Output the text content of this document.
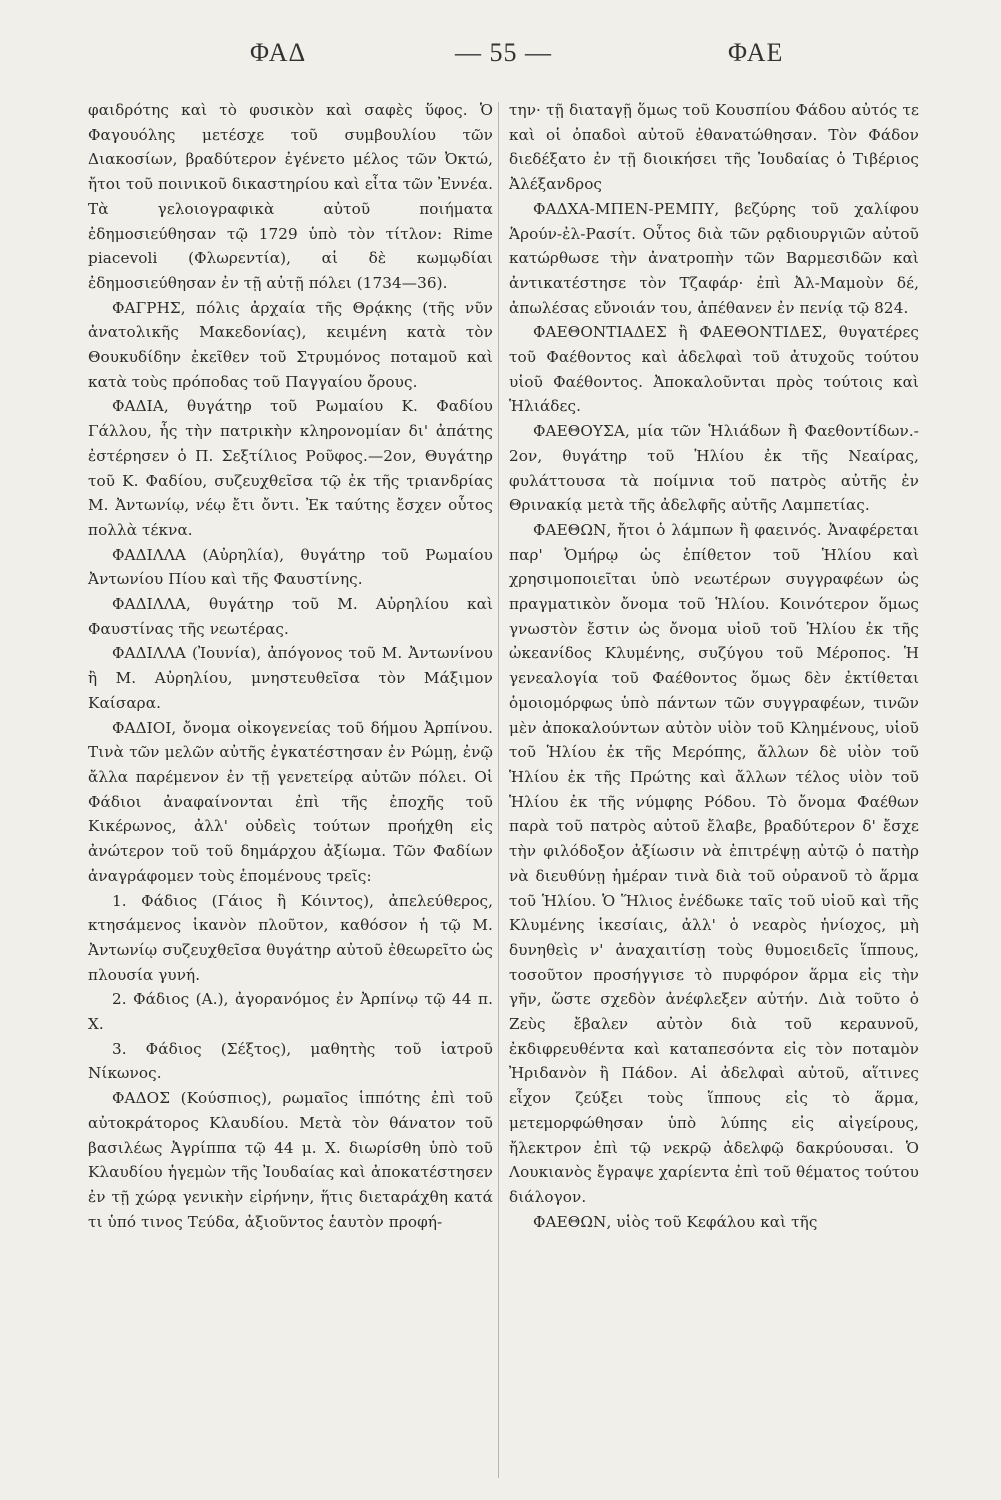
ΦΑΔ	— 55 —	ΦΑΕ

φαιδρότης καὶ τὸ φυσικὸν καὶ σαφὲς ὕφος. Ὁ Φαγουόλης μετέσχε τοῦ συμβουλίου τῶν Διακοσίων, βραδύτερον ἐγένετο μέλος τῶν Ὀκτώ, ἤτοι τοῦ ποινικοῦ δικαστηρίου καὶ εἶτα τῶν Ἐννέα. Τὰ γελοιογραφικὰ αὐτοῦ ποιήματα ἐδημοσιεύθησαν τῷ 1729 ὑπὸ τὸν τίτλον: Rime piacevoli (Φλωρεντία), αἱ δὲ κωμῳδίαι ἐδημοσιεύθησαν ἐν τῇ αὐτῇ πόλει (1734—36).

ΦΑΓΡΗΣ, πόλις ἀρχαία τῆς Θρᾴκης (τῆς νῦν ἀνατολικῆς Μακεδονίας), κειμένη κατὰ τὸν Θουκυδίδην ἐκεῖθεν τοῦ Στρυμόνος ποταμοῦ καὶ κατὰ τοὺς πρόποδας τοῦ Παγγαίου ὄρους.

ΦΑΔΙΑ, θυγάτηρ τοῦ Ρωμαίου Κ. Φαδίου Γάλλου, ἧς τὴν πατρικὴν κληρονομίαν δι' ἀπάτης ἐστέρησεν ὁ Π. Σεξτίλιος Ροῦφος.—2ον, Θυγάτηρ τοῦ Κ. Φαδίου, συζευχθεῖσα τῷ ἐκ τῆς τριανδρίας Μ. Ἀντωνίῳ, νέῳ ἔτι ὄντι. Ἐκ ταύτης ἔσχεν οὗτος πολλὰ τέκνα.

ΦΑΔΙΛΛΑ (Αὐρηλία), θυγάτηρ τοῦ Ρωμαίου Ἀντωνίου Πίου καὶ τῆς Φαυστίνης.

ΦΑΔΙΛΛΑ, θυγάτηρ τοῦ Μ. Αὐρηλίου καὶ Φαυστίνας τῆς νεωτέρας.

ΦΑΔΙΛΛΑ (Ἰουνία), ἀπόγονος τοῦ Μ. Ἀντωνίνου ἢ Μ. Αὐρηλίου, μνηστευθεῖσα τὸν Μάξιμον Καίσαρα.

ΦΑΔΙΟΙ, ὄνομα οἰκογενείας τοῦ δήμου Ἀρπίνου. Τινὰ τῶν μελῶν αὐτῆς ἐγκατέστησαν ἐν Ρώμῃ, ἐνῷ ἄλλα παρέμενον ἐν τῇ γενετείρᾳ αὐτῶν πόλει. Οἱ Φάδιοι ἀναφαίνονται ἐπὶ τῆς ἐποχῆς τοῦ Κικέρωνος, ἀλλ' οὐδεὶς τούτων προήχθη εἰς ἀνώτερον τοῦ τοῦ δημάρχου ἀξίωμα. Τῶν Φαδίων ἀναγράφομεν τοὺς ἑπομένους τρεῖς:

1. Φάδιος (Γάιος ἢ Κόιντος), ἀπελεύθερος, κτησάμενος ἱκανὸν πλοῦτον, καθόσον ἡ τῷ Μ. Ἀντωνίῳ συζευχθεῖσα θυγάτηρ αὐτοῦ ἐθεωρεῖτο ὡς πλουσία γυνή.

2. Φάδιος (Α.), ἀγορανόμος ἐν Ἀρπίνῳ τῷ 44 π. Χ.

3. Φάδιος (Σέξτος), μαθητὴς τοῦ ἰατροῦ Νίκωνος.

ΦΑΔΟΣ (Κούσπιος), ρωμαῖος ἱππότης ἐπὶ τοῦ αὐτοκράτορος Κλαυδίου. Μετὰ τὸν θάνατον τοῦ βασιλέως Ἀγρίππα τῷ 44 μ. Χ. διωρίσθη ὑπὸ τοῦ Κλαυδίου ἡγεμὼν τῆς Ἰουδαίας καὶ ἀποκατέστησεν ἐν τῇ χώρᾳ γενικὴν εἰρήνην, ἥτις διεταράχθη κατά τι ὑπό τινος Τεύδα, ἀξιοῦντος ἑαυτὸν προφή-

την· τῇ διαταγῇ ὅμως τοῦ Κουσπίου Φάδου αὐτός τε καὶ οἱ ὀπαδοὶ αὐτοῦ ἐθανατώθησαν. Τὸν Φάδον διεδέξατο ἐν τῇ διοικήσει τῆς Ἰουδαίας ὁ Τιβέριος Ἀλέξανδρος

ΦΑΔΧΑ-ΜΠΕΝ-ΡΕΜΠΥ, βεζύρης τοῦ χαλίφου Ἁρούν-ἐλ-Ρασίτ. Οὗτος διὰ τῶν ρᾳδιουργιῶν αὐτοῦ κατώρθωσε τὴν ἀνατροπὴν τῶν Βαρμεσιδῶν καὶ ἀντικατέστησε τὸν Τζαφάρ· ἐπὶ Ἀλ-Μαμοὺν δέ, ἀπωλέσας εὔνοιάν του, ἀπέθανεν ἐν πενίᾳ τῷ 824.

ΦΑΕΘΟΝΤΙΑΔΕΣ ἢ ΦΑΕΘΟΝΤΙΔΕΣ, θυγατέρες τοῦ Φαέθοντος καὶ ἀδελφαὶ τοῦ ἀτυχοῦς τούτου υἱοῦ Φαέθοντος. Ἀποκαλοῦνται πρὸς τούτοις καὶ Ἡλιάδες.

ΦΑΕΘΟΥΣΑ, μία τῶν Ἡλιάδων ἢ Φαεθοντίδων.- 2ον, θυγάτηρ τοῦ Ἡλίου ἐκ τῆς Νεαίρας, φυλάττουσα τὰ ποίμνια τοῦ πατρὸς αὐτῆς ἐν Θρινακίᾳ μετὰ τῆς ἀδελφῆς αὐτῆς Λαμπετίας.

ΦΑΕΘΩΝ, ἤτοι ὁ λάμπων ἢ φαεινός. Ἀναφέρεται παρ' Ὁμήρῳ ὡς ἐπίθετον τοῦ Ἡλίου καὶ χρησιμοποιεῖται ὑπὸ νεωτέρων συγγραφέων ὡς πραγματικὸν ὄνομα τοῦ Ἡλίου. Κοινότερον ὅμως γνωστὸν ἔστιν ὡς ὄνομα υἱοῦ τοῦ Ἡλίου ἐκ τῆς ὠκεανίδος Κλυμένης, συζύγου τοῦ Μέροπος. Ἡ γενεαλογία τοῦ Φαέθοντος ὅμως δὲν ἐκτίθεται ὁμοιομόρφως ὑπὸ πάντων τῶν συγγραφέων, τινῶν μὲν ἀποκαλούντων αὐτὸν υἱὸν τοῦ Κλημένους, υἱοῦ τοῦ Ἡλίου ἐκ τῆς Μερόπης, ἄλλων δὲ υἱὸν τοῦ Ἡλίου ἐκ τῆς Πρώτης καὶ ἄλλων τέλος υἱὸν τοῦ Ἡλίου ἐκ τῆς νύμφης Ρόδου. Τὸ ὄνομα Φαέθων παρὰ τοῦ πατρὸς αὐτοῦ ἔλαβε, βραδύτερον δ' ἔσχε τὴν φιλόδοξον ἀξίωσιν νὰ ἐπιτρέψῃ αὐτῷ ὁ πατὴρ νὰ διευθύνῃ ἡμέραν τινὰ διὰ τοῦ οὐρανοῦ τὸ ἅρμα τοῦ Ἡλίου. Ὁ Ἥλιος ἐνέδωκε ταῖς τοῦ υἱοῦ καὶ τῆς Κλυμένης ἱκεσίαις, ἀλλ' ὁ νεαρὸς ἡνίοχος, μὴ δυνηθεὶς ν' ἀναχαιτίσῃ τοὺς θυμοειδεῖς ἵππους, τοσοῦτον προσήγγισε τὸ πυρφόρον ἅρμα εἰς τὴν γῆν, ὥστε σχεδὸν ἀνέφλεξεν αὐτήν. Διὰ τοῦτο ὁ Ζεὺς ἔβαλεν αὐτὸν διὰ τοῦ κεραυνοῦ, ἐκδιφρευθέντα καὶ καταπεσόντα εἰς τὸν ποταμὸν Ἠριδανὸν ἢ Πάδον. Αἱ ἀδελφαὶ αὐτοῦ, αἵτινες εἶχον ζεύξει τοὺς ἵππους εἰς τὸ ἅρμα, μετεμορφώθησαν ὑπὸ λύπης εἰς αἰγείρους, ἤλεκτρον ἐπὶ τῷ νεκρῷ ἀδελφῷ δακρύουσαι. Ὁ Λουκιανὸς ἔγραψε χαρίεντα ἐπὶ τοῦ θέματος τούτου διάλογον.

ΦΑΕΘΩΝ, υἱὸς τοῦ Κεφάλου καὶ τῆς
